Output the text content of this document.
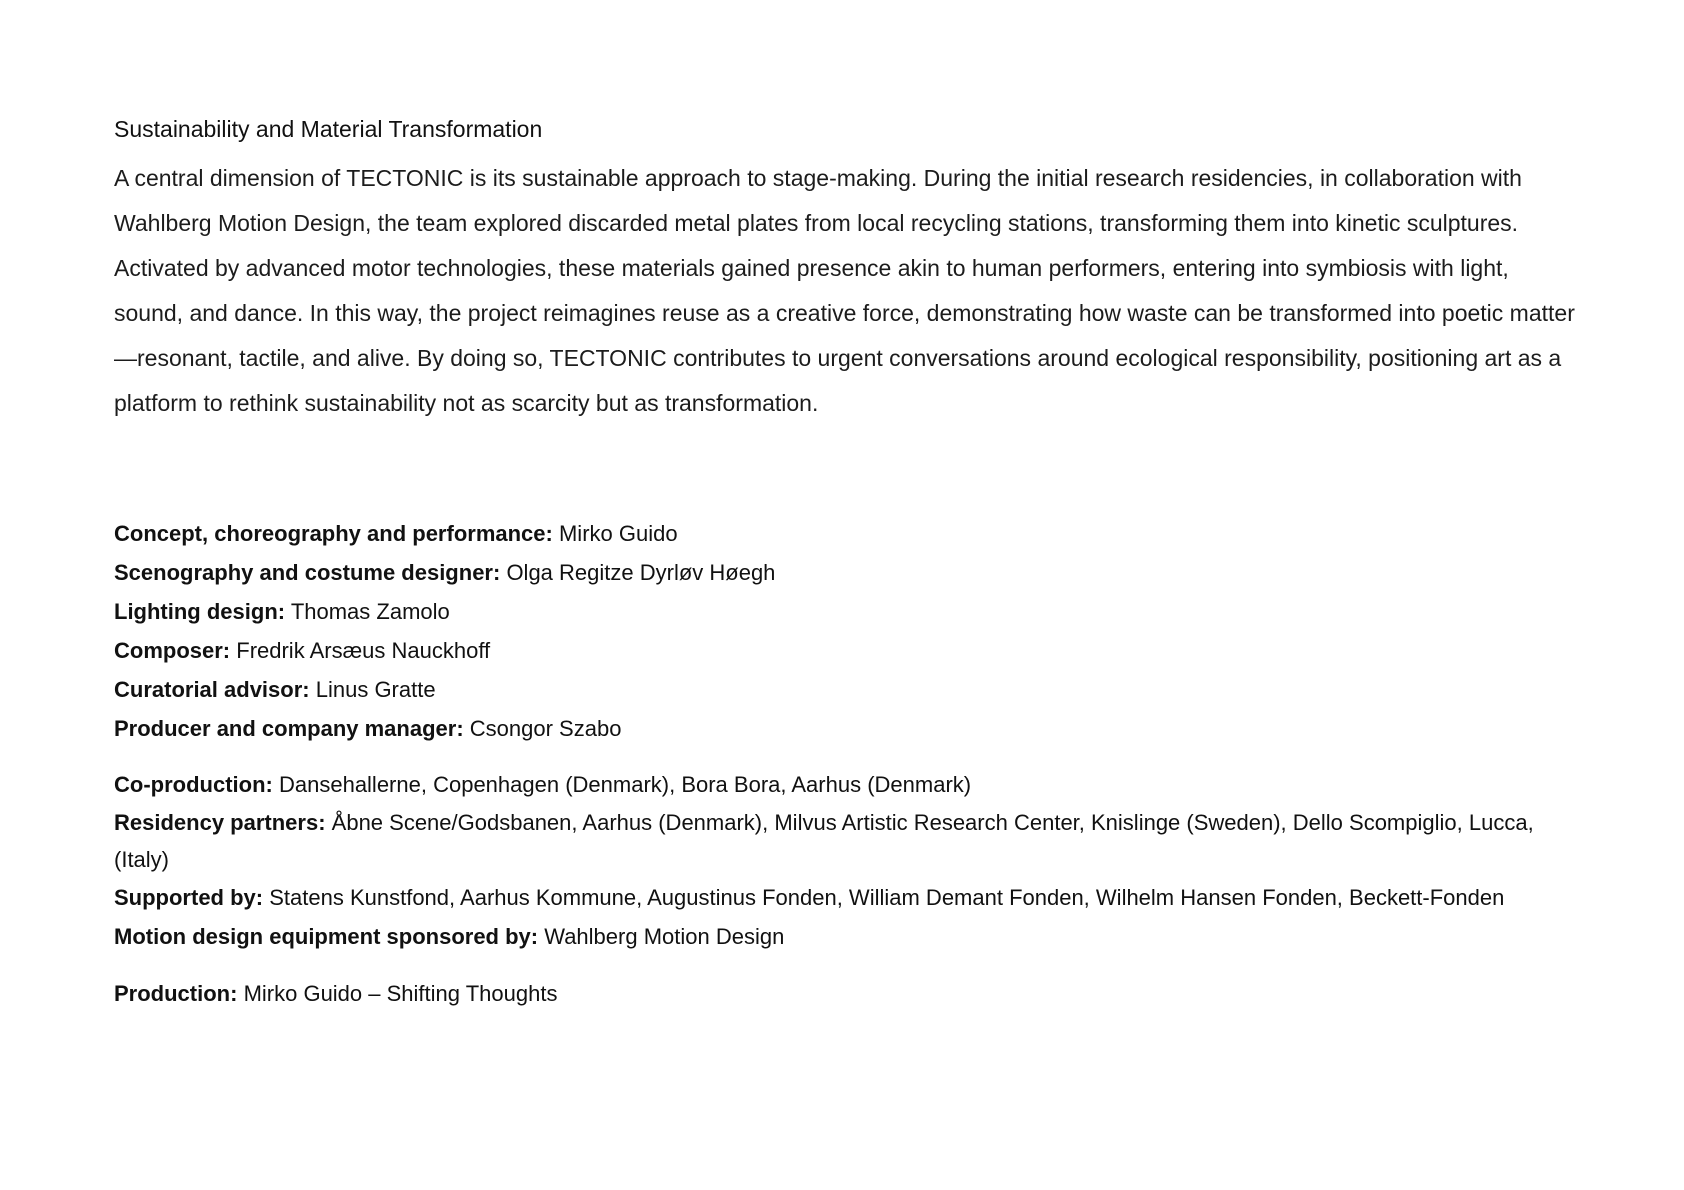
Sustainability and Material Transformation

A central dimension of TECTONIC is its sustainable approach to stage-making. During the initial research residencies, in collaboration with Wahlberg Motion Design, the team explored discarded metal plates from local recycling stations, transforming them into kinetic sculptures. Activated by advanced motor technologies, these materials gained presence akin to human performers, entering into symbiosis with light, sound, and dance. In this way, the project reimagines reuse as a creative force, demonstrating how waste can be transformed into poetic matter—resonant, tactile, and alive. By doing so, TECTONIC contributes to urgent conversations around ecological responsibility, positioning art as a platform to rethink sustainability not as scarcity but as transformation.

Concept, choreography and performance: Mirko Guido

Scenography and costume designer: Olga Regitze Dyrløv Høegh

Lighting design: Thomas Zamolo

Composer: Fredrik Arsæus Nauckhoff

Curatorial advisor: Linus Gratte

Producer and company manager: Csongor Szabo

Co-production: Dansehallerne, Copenhagen (Denmark), Bora Bora, Aarhus (Denmark)

Residency partners: Åbne Scene/Godsbanen, Aarhus (Denmark), Milvus Artistic Research Center, Knislinge (Sweden), Dello Scompiglio, Lucca, (Italy)

Supported by: Statens Kunstfond, Aarhus Kommune, Augustinus Fonden, William Demant Fonden, Wilhelm Hansen Fonden, Beckett-Fonden

Motion design equipment sponsored by: Wahlberg Motion Design

Production: Mirko Guido – Shifting Thoughts
